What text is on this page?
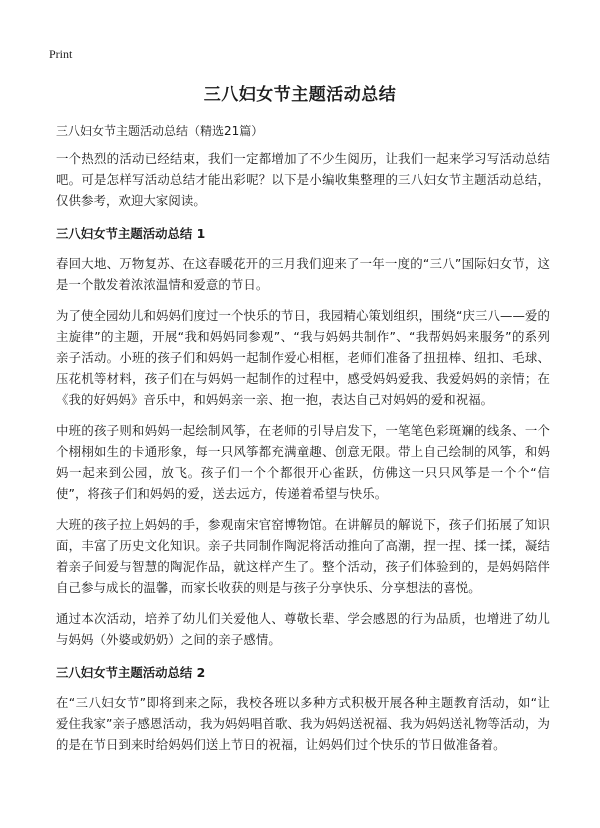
Print
三八妇女节主题活动总结

三八妇女节主题活动总结（精选21篇）

一个热烈的活动已经结束，我们一定都增加了不少生阅历，让我们一起来学习写活动总结吧。可是怎样写活动总结才能出彩呢？以下是小编收集整理的三八妇女节主题活动总结，仅供参考，欢迎大家阅读。

三八妇女节主题活动总结 1

春回大地、万物复苏、在这春暖花开的三月我们迎来了一年一度的“三八”国际妇女节，这是一个散发着浓浓温情和爱意的节日。

为了使全园幼儿和妈妈们度过一个快乐的节日，我园精心策划组织，围绕“庆三八——爱的主旋律”的主题，开展“我和妈妈同参观”、“我与妈妈共制作”、“我帮妈妈来服务”的系列亲子活动。小班的孩子们和妈妈一起制作爱心相框，老师们准备了扭扭棒、纽扣、毛球、压花机等材料，孩子们在与妈妈一起制作的过程中，感受妈妈爱我、我爱妈妈的亲情；在《我的好妈妈》音乐中，和妈妈亲一亲、抱一抱，表达自己对妈妈的爱和祝福。

中班的孩子则和妈妈一起绘制风筝，在老师的引导启发下，一笔笔色彩斑斓的线条、一个个栩栩如生的卡通形象，每一只风筝都充满童趣、创意无限。带上自己绘制的风筝，和妈妈一起来到公园，放飞。孩子们一个个都很开心雀跃，仿佛这一只只风筝是一个个“信使”，将孩子们和妈妈的爱，送去远方，传递着希望与快乐。

大班的孩子拉上妈妈的手，参观南宋官窑博物馆。在讲解员的解说下，孩子们拓展了知识面，丰富了历史文化知识。亲子共同制作陶泥将活动推向了高潮，捏一捏、揉一揉，凝结着亲子间爱与智慧的陶泥作品，就这样产生了。整个活动，孩子们体验到的，是妈妈陪伴自己参与成长的温馨，而家长收获的则是与孩子分享快乐、分享想法的喜悦。

通过本次活动，培养了幼儿们关爱他人、尊敬长辈、学会感恩的行为品质，也增进了幼儿与妈妈（外婆或奶奶）之间的亲子感情。

三八妇女节主题活动总结 2

在“三八妇女节”即将到来之际，我校各班以多种方式积极开展各种主题教育活动，如“让爱住我家”亲子感恩活动，我为妈妈唱首歌、我为妈妈送祝福、我为妈妈送礼物等活动，为的是在节日到来时给妈妈们送上节日的祝福，让妈妈们过个快乐的节日做准备着。
